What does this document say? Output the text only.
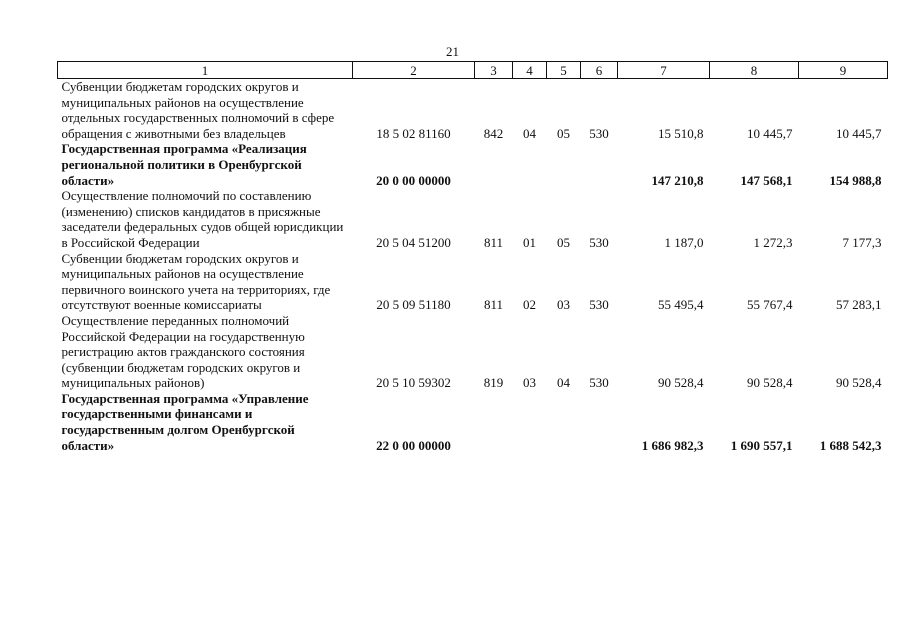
21
1	2	3	4	5	6	7	8	9
Субвенции бюджетам городских округов и муниципальных районов на осуществление отдельных государственных полномочий в сфере обращения с животными без владельцев	18 5 02 81160	842	04	05	530	15 510,8	10 445,7	10 445,7
Государственная программа «Реализация региональной политики в Оренбургской области»	20 0 00 00000					147 210,8	147 568,1	154 988,8
Осуществление полномочий по составлению (изменению) списков кандидатов в присяжные заседатели федеральных судов общей юрисдикции в Российской Федерации	20 5 04 51200	811	01	05	530	1 187,0	1 272,3	7 177,3
Субвенции бюджетам городских округов и муниципальных районов на осуществление первичного воинского учета на территориях, где отсутствуют военные комиссариаты	20 5 09 51180	811	02	03	530	55 495,4	55 767,4	57 283,1
Осуществление переданных полномочий Российской Федерации на государственную регистрацию актов гражданского состояния (субвенции бюджетам городских округов и муниципальных районов)	20 5 10 59302	819	03	04	530	90 528,4	90 528,4	90 528,4
Государственная программа «Управление государственными финансами и государственным долгом Оренбургской области»	22 0 00 00000					1 686 982,3	1 690 557,1	1 688 542,3
